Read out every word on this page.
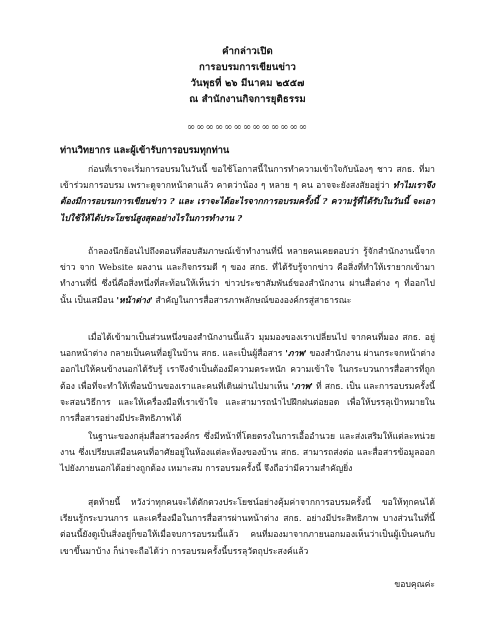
คำกล่าวเปิด
การอบรมการเขียนข่าว
วันพุธที่ ๒๖ มีนาคม ๒๕๕๗
ณ สำนักงานกิจการยุติธรรม
∞∞∞∞∞∞∞∞∞∞∞∞∞
ท่านวิทยากร และผู้เข้ารับการอบรมทุกท่าน
ก่อนที่เราจะเริ่มการอบรมในวันนี้ ขอใช้โอกาสนี้ในการทำความเข้าใจกับน้องๆ ชาว สกธ. ที่มาเข้าร่วมการอบรม เพราะดูจากหน้าตาแล้ว คาดว่าน้อง ๆ หลาย ๆ คน อาจจะยังสงสัยอยู่ว่า ทำไมเราจึงต้องมีการอบรมการเขียนข่าว ? และ เราจะได้อะไรจากการอบรมครั้งนี้ ? ความรู้ที่ได้รับในวันนี้ จะเอาไปใช้ให้ได้ประโยชน์สูงสุดอย่างไรในการทำงาน ?
ถ้าลองนึกย้อนไปถึงตอนที่สอบสัมภาษณ์เข้าทำงานที่นี่ หลายคนเคยตอบว่า รู้จักสำนักงานนี้จากข่าว จาก Website ผลงาน และกิจกรรมดี ๆ ของ สกธ. ที่ได้รับรู้จากข่าว คือสิ่งที่ทำให้เรายากเข้ามาทำงานที่นี่ ซึ่งนี่คือสิ่งหนึ่งที่สะท้อนให้เห็นว่า ข่าวประชาสัมพันธ์ของสำนักงาน ผ่านสื่อต่าง ๆ ที่ออกไปนั้น เป็นเสมือน 'หน้าต่าง' สำคัญในการสื่อสารภาพลักษณ์ขององค์กรสู่สาธารณะ
เมื่อได้เข้ามาเป็นส่วนหนึ่งของสำนักงานนี้แล้ว มุมมองของเราเปลี่ยนไป จากคนที่มอง สกธ. อยู่นอกหน้าต่าง กลายเป็นคนที่อยู่ในบ้าน สกธ. และเป็นผู้สื่อสาร 'ภาพ' ของสำนักงาน ผ่านกระจกหน้าต่างออกไปให้คนข้างนอกได้รับรู้ เราจึงจำเป็นต้องมีความตระหนัก ความเข้าใจ ในกระบวนการสื่อสารที่ถูกต้อง เพื่อที่จะทำให้เพื่อนบ้านของเราและคนที่เดินผ่านไปมาเห็น 'ภาพ' ที่ สกธ. เป็น และการอบรมครั้งนี้ จะสอนวิธีการ และให้เครื่องมือที่เราเข้าใจ และสามารถนำไปฝึกฝนต่อยอด เพื่อให้บรรลุเป้าหมายในการสื่อสารอย่างมีประสิทธิภาพได้
ในฐานะของกลุ่มสื่อสารองค์กร ซึ่งมีหน้าที่โดยตรงในการเอื้ออำนวย และส่งเสริมให้แต่ละหน่วยงาน ซึ่งเปรียบเสมือนคนที่อาศัยอยู่ในห้องแต่ละห้องของบ้าน สกธ. สามารถส่งต่อ และสื่อสารข้อมูลออกไปยังภายนอกได้อย่างถูกต้อง เหมาะสม การอบรมครั้งนี้ จึงถือว่ามีความสำคัญยิ่ง
สุดท้ายนี้ หวังว่าทุกคนจะได้ตักตวงประโยชน์อย่างคุ้มค่าจากการอบรมครั้งนี้ ขอให้ทุกคนได้เรียนรู้กระบวนการ และเครื่องมือในการสื่อสารผ่านหน้าต่าง สกธ. อย่างมีประสิทธิภาพ บางส่วนในที่นี้ต่อนนี้ยังดูเป็นสิ่งอยู่ก็ขอให้เมื่อจบการอบรมนี้แล้ว คนที่มองมาจากภายนอกมองเห็นว่าเป็นผู้เป็นคนกับเขาขึ้นมาบ้าง ก็น่าจะถือได้ว่า การอบรมครั้งนี้บรรลุวัตถุประสงค์แล้ว
ขอบคุณค่ะ
